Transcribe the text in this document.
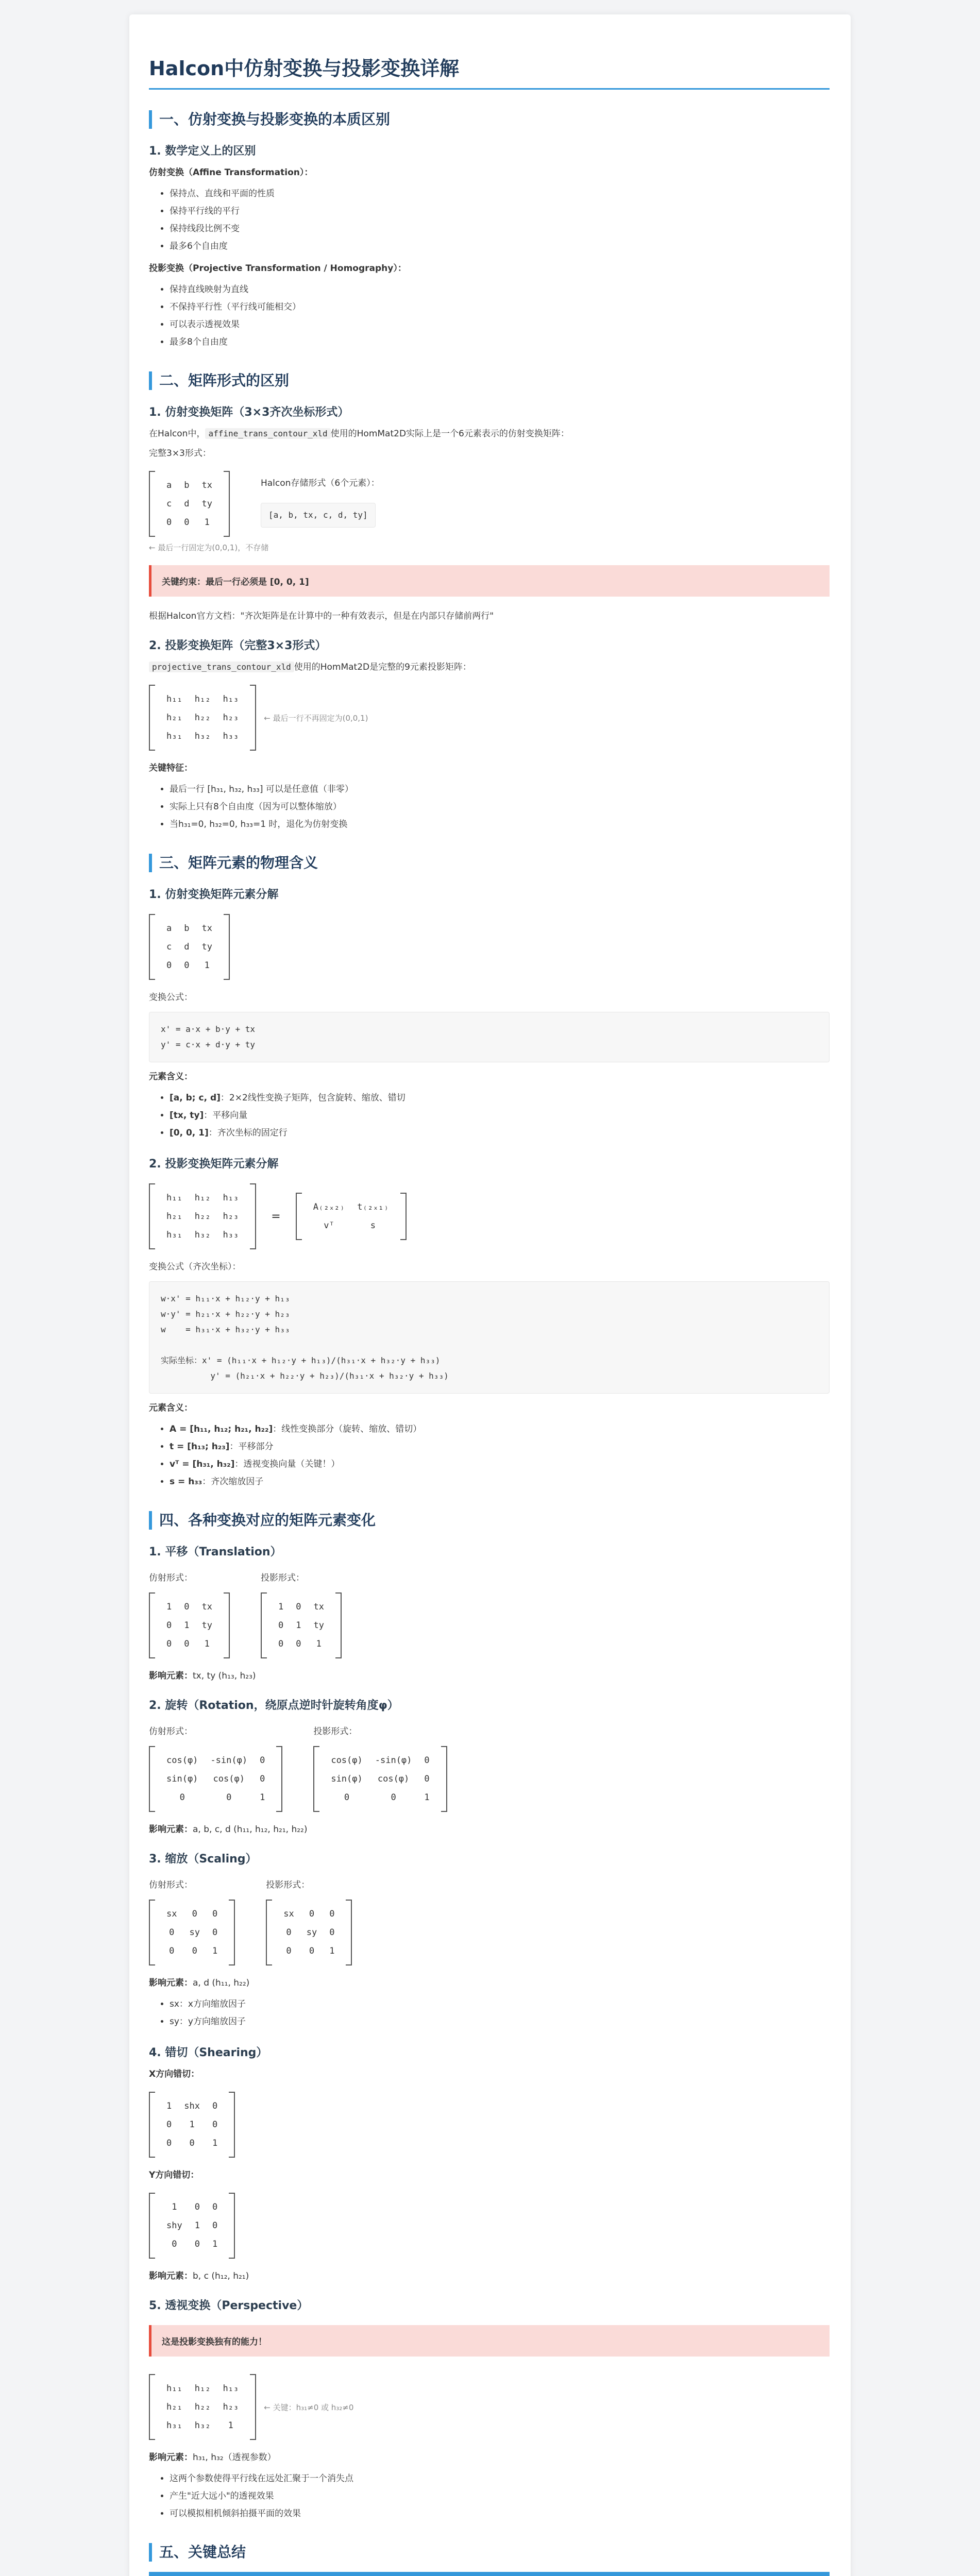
Halcon中仿射变换与投影变换详解
一、仿射变换与投影变换的本质区别
1. 数学定义上的区别
仿射变换（Affine Transformation）：
• 保持点、直线和平面的性质
• 保持平行线的平行
• 保持线段比例不变
• 最多6个自由度
投影变换（Projective Transformation / Homography）：
• 保持直线映射为直线
• 不保持平行性（平行线可能相交）
• 可以表示透视效果
• 最多8个自由度
二、矩阵形式的区别
1. 仿射变换矩阵（3×3齐次坐标形式）
在Halcon中， affine_trans_contour_xld 使用的HomMat2D实际上是一个6元素表示的仿射变换矩阵：
完整3×3形式：
a	b	tx
c	d	ty
0	0	1
Halcon存储形式（6个元素）：
[a, b, tx, c, d, ty]
← 最后一行固定为(0,0,1)，不存储
关键约束：最后一行必须是 [0, 0, 1]
根据Halcon官方文档："齐次矩阵是在计算中的一种有效表示，但是在内部只存储前两行"
2. 投影变换矩阵（完整3×3形式）
projective_trans_contour_xld 使用的HomMat2D是完整的9元素投影矩阵：
h₁₁	h₁₂	h₁₃
h₂₁	h₂₂	h₂₃
h₃₁	h₃₂	h₃₃
← 最后一行不再固定为(0,0,1)
关键特征：
• 最后一行 [h₃₁, h₃₂, h₃₃] 可以是任意值（非零）
• 实际上只有8个自由度（因为可以整体缩放）
• 当h₃₁=0, h₃₂=0, h₃₃=1 时，退化为仿射变换
三、矩阵元素的物理含义
1. 仿射变换矩阵元素分解
a	b	tx
c	d	ty
0	0	1
变换公式：
x' = a·x + b·y + tx
y' = c·x + d·y + ty
元素含义：
• [a, b; c, d]：2×2线性变换子矩阵，包含旋转、缩放、错切
• [tx, ty]：平移向量
• [0, 0, 1]：齐次坐标的固定行
2. 投影变换矩阵元素分解
h₁₁	h₁₂	h₁₃
h₂₁	h₂₂	h₂₃
h₃₁	h₃₂	h₃₃
=
A₍₂ₓ₂₎	t₍₂ₓ₁₎
vᵀ	s
变换公式（齐次坐标）：
w·x' = h₁₁·x + h₁₂·y + h₁₃
w·y' = h₂₁·x + h₂₂·y + h₂₃
w    = h₃₁·x + h₃₂·y + h₃₃

实际坐标：x' = (h₁₁·x + h₁₂·y + h₁₃)/(h₃₁·x + h₃₂·y + h₃₃)
y' = (h₂₁·x + h₂₂·y + h₂₃)/(h₃₁·x + h₃₂·y + h₃₃)
元素含义：
• A = [h₁₁, h₁₂; h₂₁, h₂₂]：线性变换部分（旋转、缩放、错切）
• t = [h₁₃; h₂₃]：平移部分
• vᵀ = [h₃₁, h₃₂]：透视变换向量（关键！）
• s = h₃₃：齐次缩放因子
四、各种变换对应的矩阵元素变化
1. 平移（Translation）
仿射形式：
1	0	tx
0	1	ty
0	0	1
投影形式：
1	0	tx
0	1	ty
0	0	1
影响元素：tx, ty (h₁₃, h₂₃)
2. 旋转（Rotation，绕原点逆时针旋转角度φ）
仿射形式：
cos(φ)	-sin(φ)	0
sin(φ)	cos(φ)	0
0	0	1
投影形式：
cos(φ)	-sin(φ)	0
sin(φ)	cos(φ)	0
0	0	1
影响元素：a, b, c, d (h₁₁, h₁₂, h₂₁, h₂₂)
3. 缩放（Scaling）
仿射形式：
sx	0	0
0	sy	0
0	0	1
投影形式：
sx	0	0
0	sy	0
0	0	1
影响元素：a, d (h₁₁, h₂₂)
• sx：x方向缩放因子
• sy：y方向缩放因子
4. 错切（Shearing）
X方向错切：
1	shx	0
0	1	0
0	0	1
Y方向错切：
1	0	0
shy	1	0
0	0	1
影响元素：b, c (h₁₂, h₂₁)
5. 透视变换（Perspective）
这是投影变换独有的能力！
h₁₁	h₁₂	h₁₃
h₂₁	h₂₂	h₂₃
h₃₁	h₃₂	1
← 关键：h₃₁≠0 或 h₃₂≠0
影响元素：h₃₁, h₃₂（透视参数）
• 这两个参数使得平行线在远处汇聚于一个消失点
• 产生"近大远小"的透视效果
• 可以模拟相机倾斜拍摄平面的效果
五、关键总结
